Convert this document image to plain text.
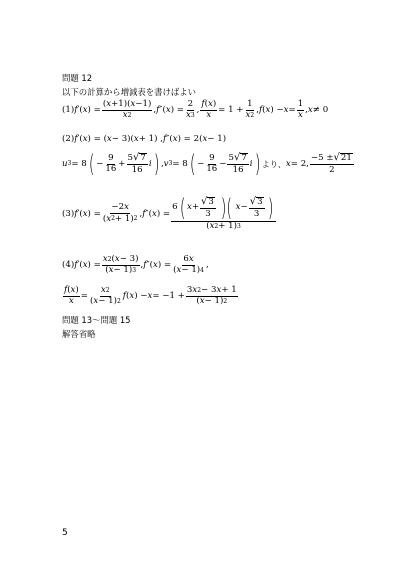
問題 12
以下の計算から増減表を書けばよい
(1) f ′( x ) = $\frac{( x +1)( x -1)}{x 2}$ , f ″( x ) = $\frac{2}{x 3}$ , $\frac{f ( x )}{x} = 1 + \frac{1}{x 2}$ , f ( x ) − $x = \frac{1}{x}$ , x ≠ 0
(2) f ′( x ) = ( x − 3)( x + 1) , f ″( x ) = 2( x − 1)
u 3 = 8 ( − $\frac{9}{16} + \frac{5 √ 7}{16}$ i ) , v 3 = 8 ( − $\frac{9}{16} - \frac{5 √ 7}{16}$ i ) より、 x = 2, $\frac{-5 \pm √ 21}{2}$
(3) f ′( x ) = $\frac{-2 x}{( x 2 + 1) 2}$ , f ″( x ) =
6 ( $x + \frac{√ 3}{3}$ )( $x - \frac{√ 3}{3}$ )
( x 2 + 1) 3
(4) f ′( x ) = $\frac{x 2 ( x - 3)}{( x - 1) 3}$ , f ″( x ) = $\frac{6 x}{( x - 1) 4}$ ,
$\frac{f ( x )}{x} = \frac{x 2}{( x - 1) 2}$ f ( x ) − $x = -1 + \frac{3 x 2 - 3 x + 1}{( x - 1) 2}$
問題 13〜問題 15
解答省略
5
